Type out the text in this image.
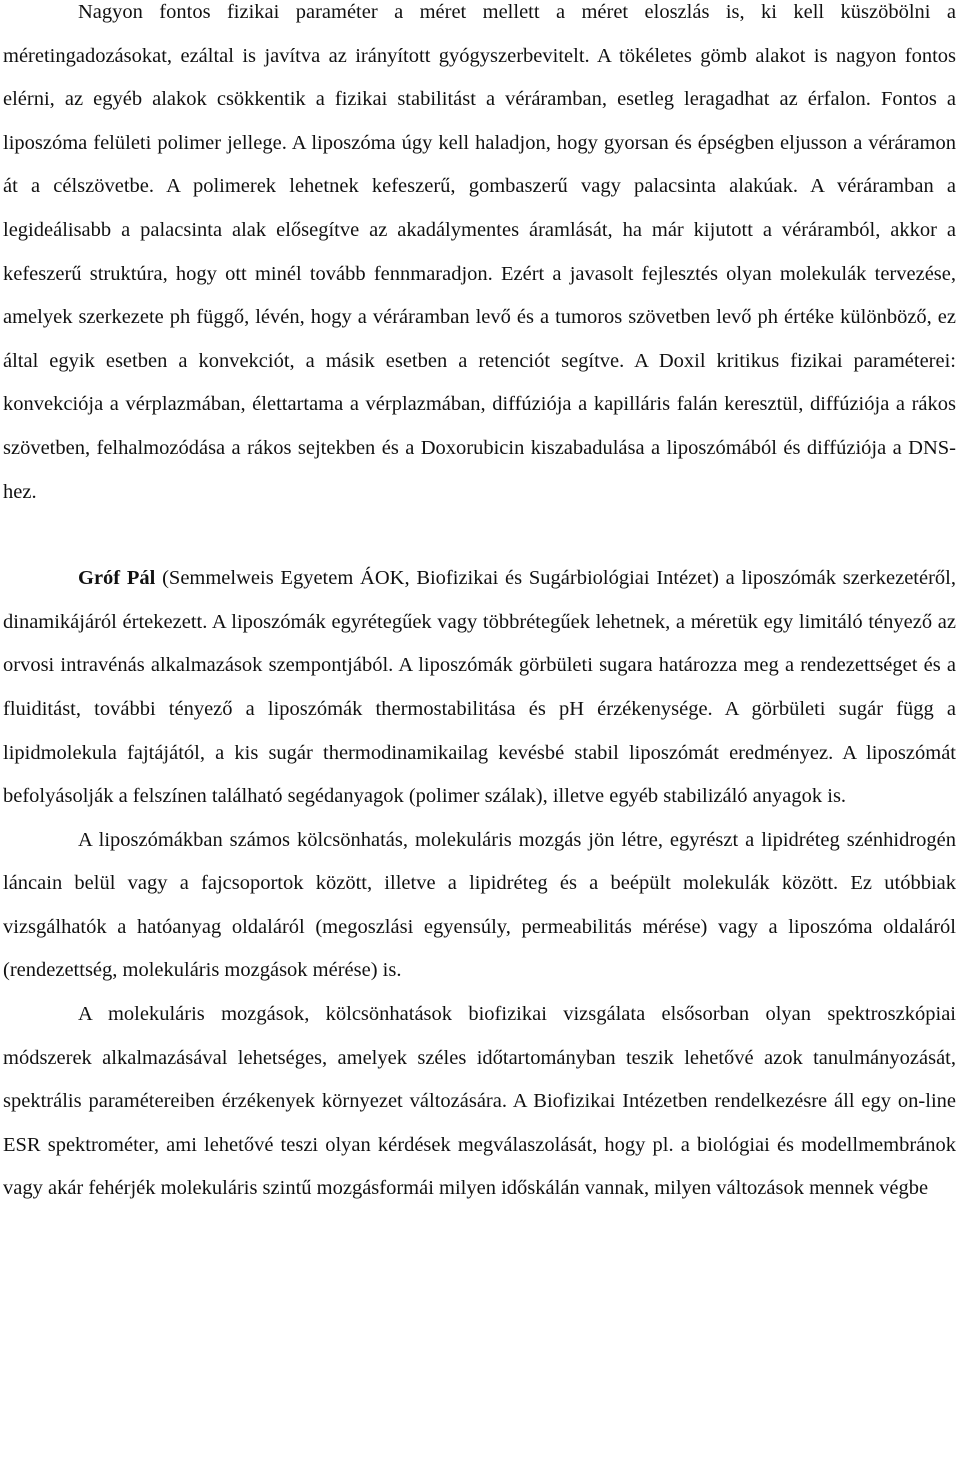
Nagyon fontos fizikai paraméter a méret mellett a méret eloszlás is, ki kell küszöbölni a méretingadozásokat, ezáltal is javítva az irányított gyógyszerbevitelt. A tökéletes gömb alakot is nagyon fontos elérni, az egyéb alakok csökkentik a fizikai stabilitást a véráramban, esetleg leragadhat az érfalon. Fontos a liposzóma felületi polimer jellege. A liposzóma úgy kell haladjon, hogy gyorsan és épségben eljusson a véráramon át a célszövetbe. A polimerek lehetnek kefeszerű, gombaszerű vagy palacsinta alakúak. A véráramban a legideálisabb a palacsinta alak elősegítve az akadálymentes áramlását, ha már kijutott a véráramból, akkor a kefeszerű struktúra, hogy ott minél tovább fennmaradjon. Ezért a javasolt fejlesztés olyan molekulák tervezése, amelyek szerkezete ph függő, lévén, hogy a véráramban levő és a tumoros szövetben levő ph értéke különböző, ez által egyik esetben a konvekciót, a másik esetben a retenciót segítve. A Doxil kritikus fizikai paraméterei: konvekciója a vérplazmában, élettartama a vérplazmában, diffúziója a kapilláris falán keresztül, diffúziója a rákos szövetben, felhalmozódása a rákos sejtekben és a Doxorubicin kiszabadulása a liposzómából és diffúziója a DNS-hez.

Gróf Pál (Semmelweis Egyetem ÁOK, Biofizikai és Sugárbiológiai Intézet) a liposzómák szerkezetéről, dinamikájáról értekezett. A liposzómák egyrétegűek vagy többrétegűek lehetnek, a méretük egy limitáló tényező az orvosi intravénás alkalmazások szempontjából. A liposzómák görbületi sugara határozza meg a rendezettséget és a fluiditást, további tényező a liposzómák thermostabilitása és pH érzékenysége. A görbületi sugár függ a lipidmolekula fajtájától, a kis sugár thermodinamikailag kevésbé stabil liposzómát eredményez. A liposzómát befolyásolják a felszínen található segédanyagok (polimer szálak), illetve egyéb stabilizáló anyagok is.

A liposzómákban számos kölcsönhatás, molekuláris mozgás jön létre, egyrészt a lipidréteg szénhidrogén láncain belül vagy a fajcsoportok között, illetve a lipidréteg és a beépült molekulák között. Ez utóbbiak vizsgálhatók a hatóanyag oldaláról (megoszlási egyensúly, permeabilitás mérése) vagy a liposzóma oldaláról (rendezettség, molekuláris mozgások mérése) is.

A molekuláris mozgások, kölcsönhatások biofizikai vizsgálata elsősorban olyan spektroszkópiai módszerek alkalmazásával lehetséges, amelyek széles időtartományban teszik lehetővé azok tanulmányozását, spektrális paramétereiben érzékenyek környezet változására. A Biofizikai Intézetben rendelkezésre áll egy on-line ESR spektrométer, ami lehetővé teszi olyan kérdések megválaszolását, hogy pl. a biológiai és modellmembránok vagy akár fehérjék molekuláris szintű mozgásformái milyen időskálán vannak, milyen változások mennek végbe
